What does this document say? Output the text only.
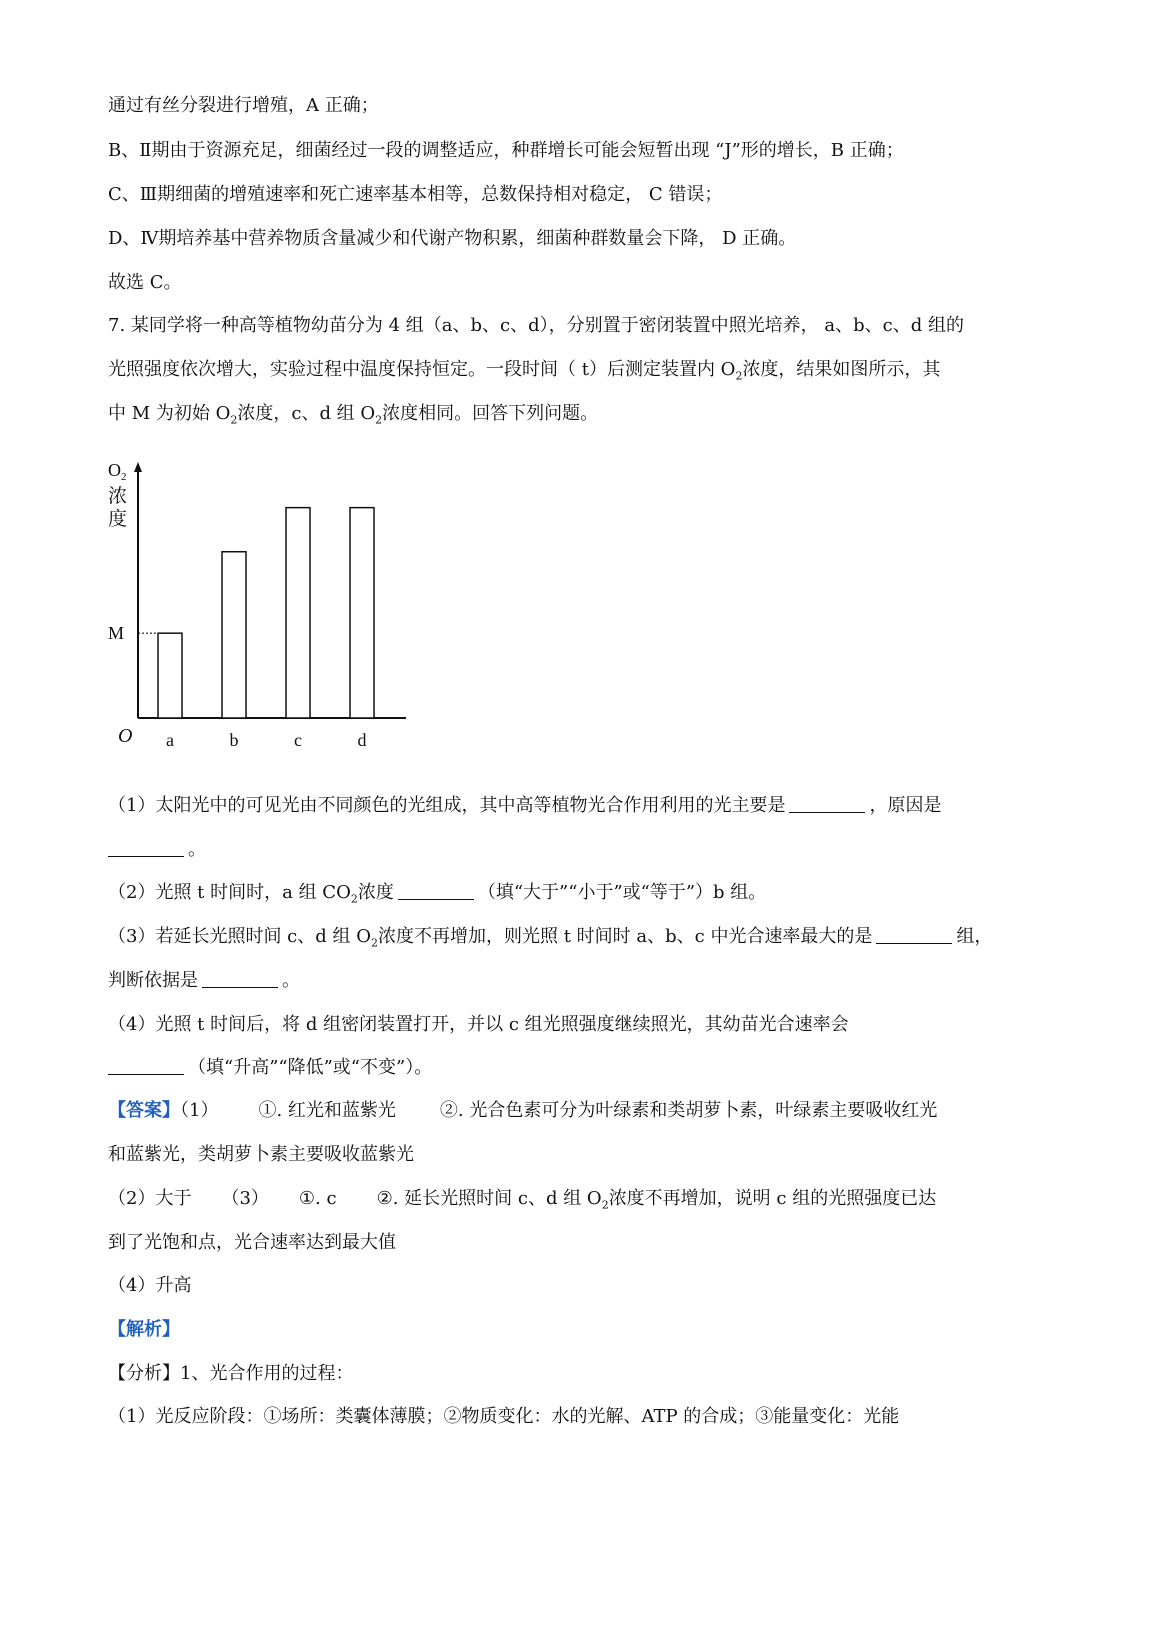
通过有丝分裂进行增殖，A 正确；
B、Ⅱ期由于资源充足，细菌经过一段的调整适应，种群增长可能会短暂出现 “J”形的增长，B 正确；
C、Ⅲ期细菌的增殖速率和死亡速率基本相等，总数保持相对稳定， C 错误；
D、Ⅳ期培养基中营养物质含量减少和代谢产物积累，细菌种群数量会下降， D 正确。
故选 C。
7. 某同学将一种高等植物幼苗分为 4 组（a、b、c、d），分别置于密闭装置中照光培养， a、b、c、d 组的
光照强度依次增大，实验过程中温度保持恒定。一段时间（ t）后测定装置内 $O_2$浓度，结果如图所示，其
中 M 为初始 $O_2$浓度，c、d 组 $O_2$浓度相同。回答下列问题。
$O_2$
浓
度
O
M
a	b	c	d
（1）太阳光中的可见光由不同颜色的光组成，其中高等植物光合作用利用的光主要是	，原因是
。
（2）光照 t 时间时，a 组 $CO_2$浓度	（填“大于”“小于”或“等于”）b 组。
（3）若延长光照时间 c、d 组 $O_2$浓度不再增加，则光照 t 时间时 a、b、c 中光合速率最大的是	组，
判断依据是	。
（4）光照 t 时间后，将 d 组密闭装置打开，并以 c 组光照强度继续照光，其幼苗光合速率会
（填“升高”“降低”或“不变”）。
【答案】（1） ①. 红光和蓝紫光 ②. 光合色素可分为叶绿素和类胡萝卜素，叶绿素主要吸收红光
和蓝紫光，类胡萝卜素主要吸收蓝紫光
（2）大于 （3） ①. c ②. 延长光照时间 c、d 组 $O_2$浓度不再增加，说明 c 组的光照强度已达
到了光饱和点，光合速率达到最大值
（4）升高
【解析】
【分析】1、光合作用的过程：
（1）光反应阶段：①场所：类囊体薄膜；②物质变化：水的光解、ATP 的合成；③能量变化：光能
